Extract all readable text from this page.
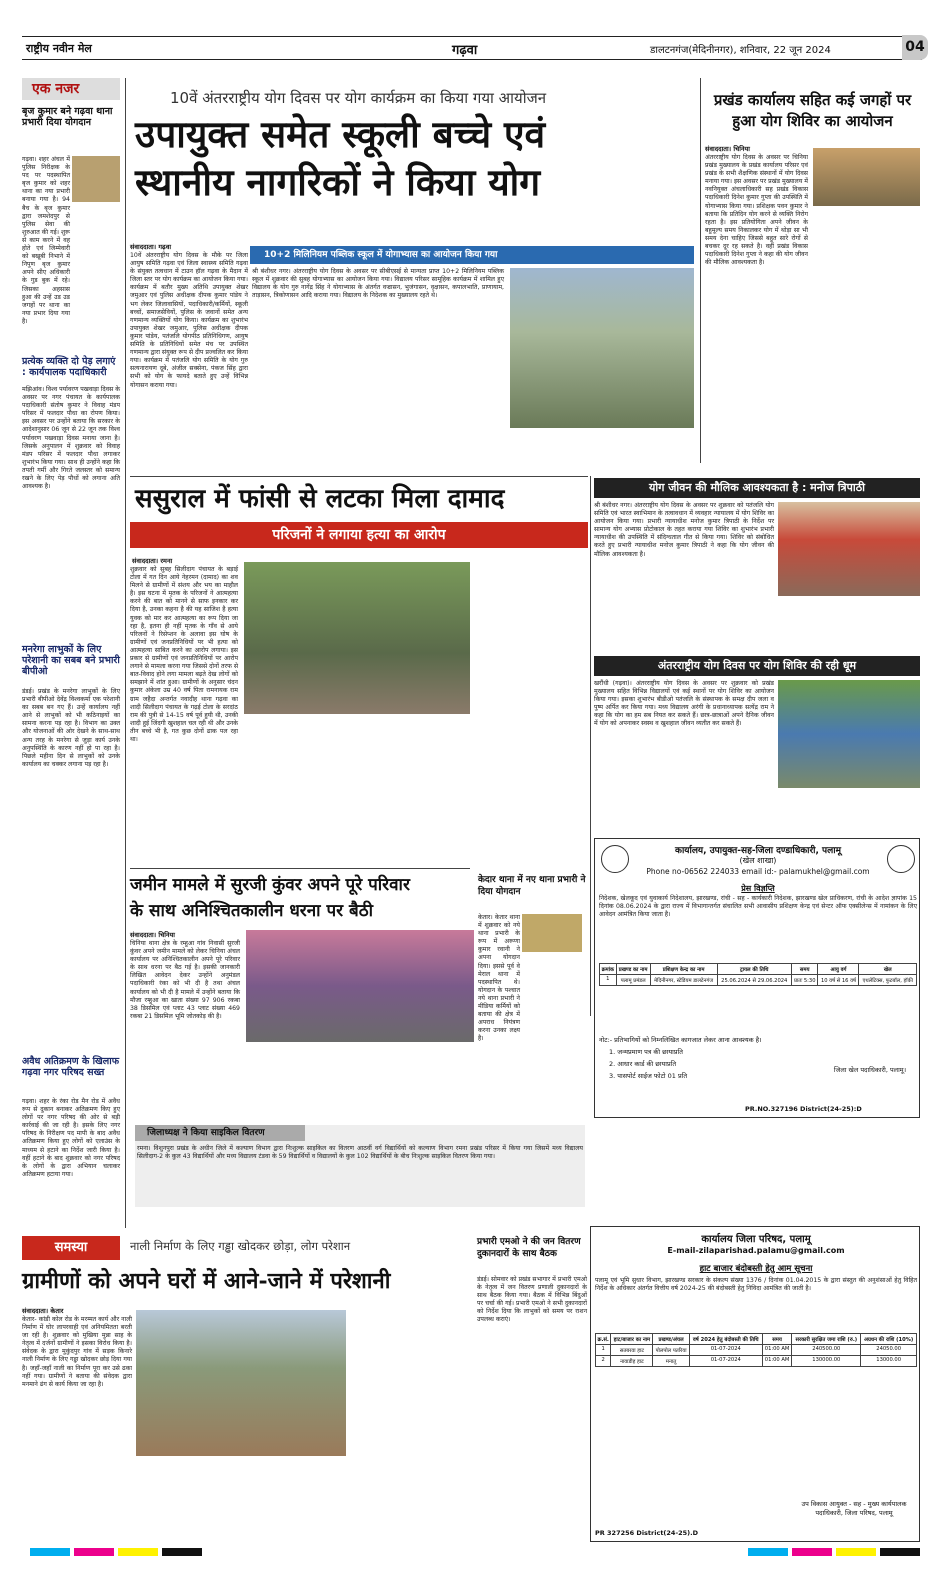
राष्ट्रीय नवीन मेल	गढ़वा	डालटनगंज(मेदिनीनगर), शनिवार, 22 जून 2024	04
एक नजर
बृज कुमार बने गढ़वा थाना प्रभारी दिया योगदान
गढ़वा। शहर अंचल में पुलिस निरीक्षक के पद पर पदस्थापित बृज कुमार को शहर थाना का नया प्रभारी बनाया गया है। 94 बैच के बृज कुमार द्वारा जमशेदपुर से पुलिस सेवा की शुरुआत की गई। शुरू से काम करने में वह होते एवं जिम्मेवारी को बखूबी निभाने में निपुण बृज कुमार अपने सीए अधिकारी के गुड बुक में रहे। जिसका अहसास हुआ की उन्हें उड उड जगहों पर थाना का नया प्रभार दिया गया है।
प्रत्येक व्यक्ति दो पेड़ लगाएं : कार्यपालक पदाधिकारी
मझिआंव। विश्व पर्यावरण पखवाड़ा दिवस के अवसर पर नगर पंचायत के कार्यपालक पदाधिकारी संतोष कुमार ने विवाह मंडप परिसर में फलदार पौधा का रोपण किया। इस अवसर पर उन्होंने बताया कि सरकार के आदेशानुसार 06 जून से 22 जून तक विश्व पर्यावरण पखवाड़ा दिवस मनाया जाना है। जिसके अनुपालन में शुक्रवार को विवाह मंडप परिसर में फलदार पौधा लगाकर शुभारंभ किया गया। साथ ही उन्होंने कहा कि तपती गर्मी और गिरते जलस्तर को समान्य रखने के लिए पेड़ पौधों को लगाना अति आवश्यक है।
मनरेगा लाभुकों के लिए परेशानी का सबब बने प्रभारी बीपीओ
डंडई। प्रखंड के मनरेगा लाभुकों के लिए प्रभारी बीपीओ देवेंद्र विश्वकर्मा एक परेशानी का सबब बन गए हैं। उन्हें कार्यालय नहीं आने से लाभुकों को भी कठिनाइयों का सामना करना पड़ रहा है। विभाग का उक्त और योजनाओं की ओर देखने के साथ-साथ अन्य तरह के मनरेगा से जुड़ा कार्य उनके अनुपस्थिति के कारण नहीं हो पा रहा है। पिछले महीना दिन से लाभुकों को उनके कार्यालय का चक्कर लगाना पड़ रहा है।
अवैध अतिक्रमण के खिलाफ गढ़वा नगर परिषद सख्त
गढ़वा। शहर के रंका रोड मैन रोड में अवैध रूप से दुकान बनाकर अतिक्रमण किए हुए लोगों पर नगर परिषद की ओर से बड़ी कार्रवाई की जा रही है। इसके लिए नगर परिषद के निरीक्षण पद मापी के बाद अवैध अतिक्रमण किया हुए लोगों को एलाउंस के माध्यम से हटाने का निर्देश जारी किया है। वहीं हटाने के बाद शुक्रवार को नगर परिषद के लोगों के द्वारा अभियान चलाकर अतिक्रमण हटाया गया।
10वें अंतरराष्ट्रीय योग दिवस पर योग कार्यक्रम का किया गया आयोजन
उपायुक्त समेत स्कूली बच्चे एवं
स्थानीय नागरिकों ने किया योग
संवाददाता। गढ़वा
10वें अंतरराष्ट्रीय योग दिवस के मौके पर जिला आयुष समिति गढ़वा एवं जिला स्वास्थ्य समिति गढ़वा के संयुक्त तत्वधान में टाउन हॉल गढ़वा के मैदान में जिला स्तर पर योग कार्यक्रम का आयोजन किया गया। कार्यक्रम में बतौर मुख्य अतिथि उपायुक्त शेखर जमुआर एवं पुलिस अधीक्षक दीपक कुमार पांडेय ने भग लेकर जिलावासियों, पदाधिकारी/कर्मियों, स्कूली बच्चों, समाजसेवियों, पुलिस के जवानों समेत अन्य गणमान्य व्यक्तियों योग किया। कार्यक्रम का शुभारंभ उपायुक्त शेखर जमुआर, पुलिस अधीक्षक दीपक कुमार पांडेय, पतंजलि योगपीठ प्रतिनिधिगण, आयुष समिति के प्रतिनिधियों समेत मंच पर उपस्थित गणमान्य द्वारा संयुक्त रूप से दीप प्रज्वलित कर किया गया। कार्यक्रम में पतंजलि योग समिति के योग गुरु सत्यनारायण दूबे, अंजील सक्सेना, पंकज सिंह द्वारा सभी को योग के फायदे बताते हुए उन्हें विभिन्न योगासन कराया गया।
10+2 मिलिनियम पब्लिक स्कूल में योगाभ्यास का आयोजन किया गया
श्री बंशीधर नगर। अंतरराष्ट्रीय योग दिवस के अवसर पर सीबीएसई से मान्यता प्राप्त 10+2 मिलिनियम पब्लिक स्कूल में शुक्रवार की सुबह योगाभ्यास का आयोजन किया गया। विद्यालय परिसर सामूहिक कार्यक्रम में शामिल हुए विद्यालय के योग गुरु नागेंद्र सिंह ने योगाभ्यास के अंतर्गत वज्रासन, भुजंगासन, वृक्षासन, कपालभाति, प्राणायाम, ताड़ासन, त्रिकोणासन आदि कराया गया। विद्यालय के निदेशक का मुख्यालय रहते थे।
प्रखंड कार्यालय सहित कई जगहों पर हुआ योग शिविर का आयोजन
संवाददाता। चिनिया
अंतरराष्ट्रीय योग दिवस के अवसर पर चिनिया प्रखंड मुख्यालय के प्रखंड कार्यालय परिसर एवं प्रखंड के सभी शैक्षणिक संस्थानों में योग दिवस मनाया गया। इस अवसर पर प्रखंड मुख्यालय में नवनियुक्त अंचलाधिकारी सह प्रखंड विकास पदाधिकारी दिनेश कुमार गुप्ता की उपस्थिति में योगाभ्यास किया गया। प्रशिक्षक पवन कुमार ने बताया कि प्रतिदिन योग करने से व्यक्ति निरोग रहता है। इस प्रतियोगिता अपने जीवन के बहुमूल्य समय निकालकर योग में थोड़ा सा भी समय देना चाहिए जिससे बहुत सारे रोगों से बचकर दूर रह सकते है। वहीं प्रखंड विकास पदाधिकारी दिनेश गुप्ता ने कहा की योग जीवन की मौलिक आवश्यकता है।
ससुराल में फांसी से लटका मिला दामाद
परिजनों ने लगाया हत्या का आरोप
संवाददाता। रमना
शुक्रवार को सुबह सिलीदाग पंचायत के बड़ाई टोला में गत दिन आये नेहरमन (दामाद) का शव मिलने से ग्रामीणों में संशय और भय का माहौल है। इस घटना में मृतक के परिजनों ने आत्महत्या करने की बात को मानने से साफ इनकार कर दिया है, उनका कहना है की यह साजिश है हत्या युवक को मार कर आत्महत्या का रूप दिया जा रहा है, इतना ही नहीं मृतक के गाँव से आये परिजनों ने रिसेप्शन के अलावा इस घोष के ग्रामीणों एवं जनप्रतिनिधियों पर भी हत्या को आत्महत्या साबित करने का आरोप लगाया। इस प्रकार से ग्रामीणों एवं जनप्रतिनिधियों पर आरोप लगाने से मामला करना गया जिससे दोनों तरफ से बात-विवाद होने लगा मामला बढ़ते देख लोगों को समझाने में शांत हुआ। ग्रामीणों के अनुसार चंदन कुमार अंकेला उम्र 40 वर्ष पिता रामनायक राम ग्राम जहैदा अन्तर्गत नवादीह थाना गढ़वा का शादी सिलीदाग पंचायत के गढ़ई टोला के सरदांठ राम की पुत्री से 14-15 वर्ष पूर्व हुयी थी, उनकी शादी हुई जिंदगी खुशहाल चल रही थी और उनके तीन बच्चे भी है, गत कुछ दोनों ढाक पल रहा था।
योग जीवन की मौलिक आवश्यकता है : मनोज त्रिपाठी
श्री बंशीधर नगर। अंतरराष्ट्रीय योग दिवस के अवसर पर शुक्रवार को पतंजलि योग समिति एवं भारत स्वाभिमान के तत्वावधान में व्यवहार न्यायालय में योग शिविर का आयोजन किया गया। प्रभारी न्यायाधीश मनोज कुमार त्रिपाठी के निर्देश पर सामान्य योग अभ्यास प्रोटोकाल के तहत कराया गया शिविर का शुभारंभ प्रभारी न्यायाधीश की उपस्थिति में संदिग्धताल गीत से किया गया। शिविर को संबोधित करते हुए प्रभारी न्यायाधीश मनोज कुमार त्रिपाठी ने कहा कि योग जीवन की मौलिक आवश्यकता है।
अंतरराष्ट्रीय योग दिवस पर योग शिविर की रही धूम
खरौंधी (गढ़वा)। अंतरराष्ट्रीय योग दिवस के अवसर पर शुक्रवार को प्रखंड मुख्यालय सहित विभिन्न विद्यालयों एवं कई स्थानों पर योग शिविर का आयोजन किया गया। इसका शुभारंभ बीडीओ पतंजलि के संस्थापक के समक्ष दीप जला व पुष्प अर्पित कर किया गया। मध्य विद्यालय अरंगी के प्रधानाध्यापक सत्येंद्र राम ने कहा कि योग का हम सब नियत कर सकते हैं। छात्र-छात्राओं अपने दैनिक जीवन में योग को अपनाकर स्वस्थ व खुशहाल जीवन व्यतीत कर सकते हैं।
जमीन मामले में सुरजी कुंवर अपने पूरे परिवार
के साथ अनिश्चितकालीन धरना पर बैठी
संवाददाता। चिनिया
चिनिया थाना क्षेत्र के रम्हुआ गांव निवासी सुरजी कुंवर अपने जमीन मामले को लेकर चिनिया अंचल कार्यालय पर अनिश्चितकालीन अपने पूरे परिवार के साथ धरना पर बैठ गई है। इसकी जानकारी लिखित आवेदन देकर उन्होंने अनुमंडल पदाधिकारी रंका को भी दी है तथा अंचल कार्यालय को भी दी है मामले में उन्होंने बताया कि मौजा रम्हुआ का खाता संख्या 97 906 रकबा 38 डिसमिल एवं प्लाट 43 प्लाट संख्या 469 रकबा 21 डिसमिल भूमि जोतकोड़ की है।
केदार थाना में नए थाना प्रभारी ने दिया योगदान
केतार। केतार थाना में शुक्रवार को नये थाना प्रभारी के रूप में अरूणा कुमार रवानी ने अपना योगदान दिया। इससे पूर्व वे मेराल थाना में पदस्थापित थे। योगदान के पश्चात नये थाना प्रभारी ने मीडिया कर्मियों को बताया की क्षेत्र में अपराध नियंत्रण करना उनका लक्ष्य है।
जिलाध्यक्ष ने किया साइकिल वितरण
रमना। विशुनपुरा प्रखंड के अधीन जिले में कल्याण विभाग द्वारा निःशुल्क साइकिल का वितरण आठवीं वर्ग विद्यार्थियों को कल्याण विभाग रमना प्रखंड परिसर में किया गया जिसमें मध्य विद्यालय सिलीदाग-2 के कुल 43 विद्यार्थियों और मध्य विद्यालय टंडवा के 59 विद्यार्थियों व विद्यालयों के कुल 102 विद्यार्थियों के बीच निःशुल्क साइकिल वितरण किया गया।
समस्या	नाली निर्माण के लिए गड्ढा खोदकर छोड़ा, लोग परेशान
ग्रामीणों को अपने घरों में आने-जाने में परेशानी
संवाददाता। केतार
केतार- कांडी कोल रोड के मरम्मत कार्य और नाली निर्माण में घोर लापरवाही एवं अनियमितता बरती जा रही है। शुक्रवार को मुखिया मुन्ना साह के नेतृत्व में दर्जनों ग्रामीणों ने इसका विरोध किया है। संवेदक के द्वारा मुकुंदपुर गांव में सड़क किनारे नाली निर्माण के लिए गड्ढा खोदकर छोड़ दिया गया है। जहाँ-जहाँ नाली का निर्माण पूरा कर उसे ढका नहीं गया। ग्रामीणों ने बताया की संवेदक द्वारा मनमाने ढंग से कार्य किया जा रहा है।
प्रभारी एमओ ने की जन वितरण दुकानदारों के साथ बैठक
डंडई। सोमवार को प्रखंड सभागार में प्रभारी एमओ के नेतृत्व में जन वितरण प्रणाली दुकानदारों के साथ बैठक किया गया। बैठक में विभिन्न बिंदुओं पर चर्चा की गई। प्रभारी एमओ ने सभी दुकानदारों को निर्देश दिया कि लाभुकों को समय पर राशन उपलब्ध कराएं।
कार्यालय, उपायुक्त-सह-जिला दण्डाधिकारी, पलामू
(खेल शाखा)
Phone no-06562 224033 email id:- palamukhel@gmail.com
प्रेस विज्ञप्ति
निदेशक, खेलकूद एवं युवाकार्य निदेशालय, झारखण्ड, रांची - सह - कार्यकारी निदेशक, झारखण्ड खेल प्राधिकरण, रांची के आदेश ज्ञापांक 15 दिनांक 08.06.2024 के द्वारा राज्य में विभागान्तर्गत संचालित सभी आवासीय प्रशिक्षण केन्द्र एवं सेन्टर ऑफ एक्सीलेन्स में नामांकन के लिए आवेदन आमंत्रित किया जाता है।
क्रमांक	प्रखण्ड का नाम	प्रशिक्षण केन्द्र का नाम	ट्रायल की तिथि	समय	आयु वर्ग	खेल
1	पलामू प्रमंडल	मेदिनीनगर, स्टेडियम डालटेनगंज	25.06.2024 से 29.06.2024	प्रातः 5:30	10 वर्ष से 16 वर्ष	एथलेटिक्स, फुटबॉल, हॉकी
नोट:- प्रतिभागियों को निम्नलिखित कागजात लेकर आना आवश्यक है।
1. जन्मप्रमाण पत्र की छायाप्रति
2. आधार कार्ड की छायाप्रति
3. पासपोर्ट साईज फोटो 01 प्रति
जिला खेल पदाधिकारी, पलामू।
PR.NO.327196 District(24-25):D
कार्यालय जिला परिषद, पलामू
E-mail-zilaparishad.palamu@gmail.com
हाट बाजार बंदोबस्ती हेतु आम सूचना
पलामू एवं भूमि सुधार विभाग, झारखण्ड सरकार के संकल्प संख्या 1376 / दिनांक 01.04.2015 के द्वारा संस्तुत की अनुशंसाओं हेतु विहित निर्देश के अधिकार अंतर्गत वित्तीय वर्ष 2024-25 की बंदोबस्ती हेतु निविदा आमंत्रित की जाती है।
क्र.सं.	हाट/बाजार का नाम	प्रखण्ड/अंचल	वर्ष 2024 हेतु बंदोबस्ती की तिथि	समय	सरकारी सुरक्षित जमा राशि (रु.)	अग्रधन की राशि (10%)
1	सतबरवा हाट	पोलपोल पतरिया	01-07-2024	01:00 AM	240500.00	24050.00
2	नावाडीह हाट	मनातू	01-07-2024	01:00 AM	130000.00	13000.00
उप विकास आयुक्त - सह - मुख्य कार्यपालक पदाधिकारी, जिला परिषद, पलामू
PR 327256 District(24-25).D
